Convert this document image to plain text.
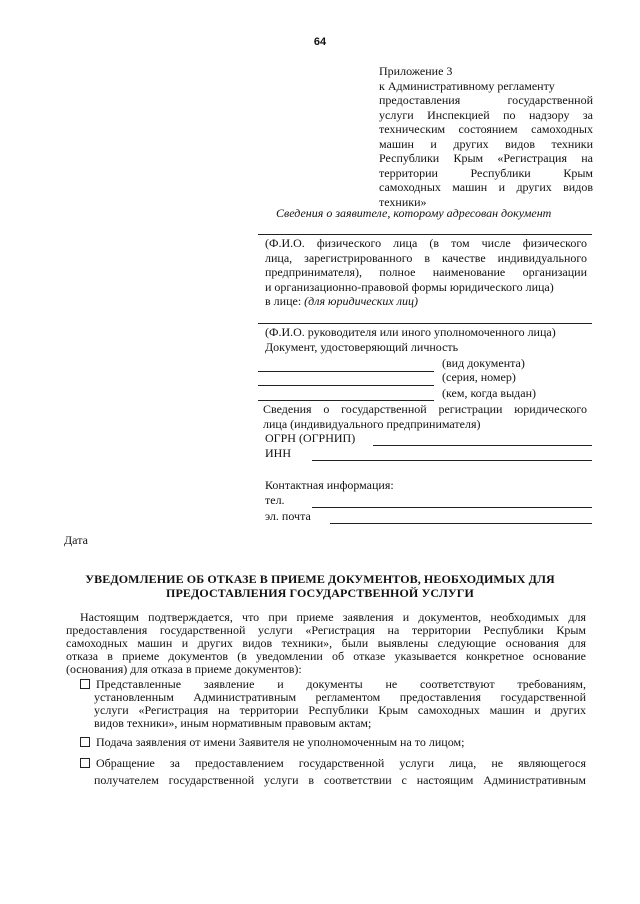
64
Приложение 3
к Административному регламенту
предоставления государственной
услуги Инспекцией по надзору за
техническим состоянием самоходных
машин и других видов техники
Республики Крым «Регистрация на
территории Республики Крым
самоходных машин и других видов
техники»
Сведения о заявителе, которому адресован документ
(Ф.И.О. физического лица (в том числе физического
лица, зарегистрированного в качестве индивидуального
предпринимателя), полное наименование организации
и организационно-правовой формы юридического лица)
в лице: (для юридических лиц)
(Ф.И.О. руководителя или иного уполномоченного лица)
Документ, удостоверяющий личность
(вид документа)
(серия, номер)
(кем, когда выдан)
Сведения о государственной регистрации юридического
лица (индивидуального предпринимателя)
ОГРН (ОГРНИП)
ИНН
Контактная информация:
тел.
эл. почта
Дата
УВЕДОМЛЕНИЕ ОБ ОТКАЗЕ В ПРИЕМЕ ДОКУМЕНТОВ, НЕОБХОДИМЫХ ДЛЯ
ПРЕДОСТАВЛЕНИЯ ГОСУДАРСТВЕННОЙ УСЛУГИ
Настоящим подтверждается, что при приеме заявления и документов, необходимых для
предоставления государственной услуги «Регистрация на территории Республики Крым
самоходных машин и других видов техники», были выявлены следующие основания для
отказа в приеме документов (в уведомлении об отказе указывается конкретное основание
(основания) для отказа в приеме документов):
Представленные заявление и документы не соответствуют требованиям,
установленным Административным регламентом предоставления государственной
услуги «Регистрация на территории Республики Крым самоходных машин и других
видов техники», иным нормативным правовым актам;
Подача заявления от имени Заявителя не уполномоченным на то лицом;
Обращение за предоставлением государственной услуги лица, не являющегося
получателем государственной услуги в соответствии с настоящим Административным
